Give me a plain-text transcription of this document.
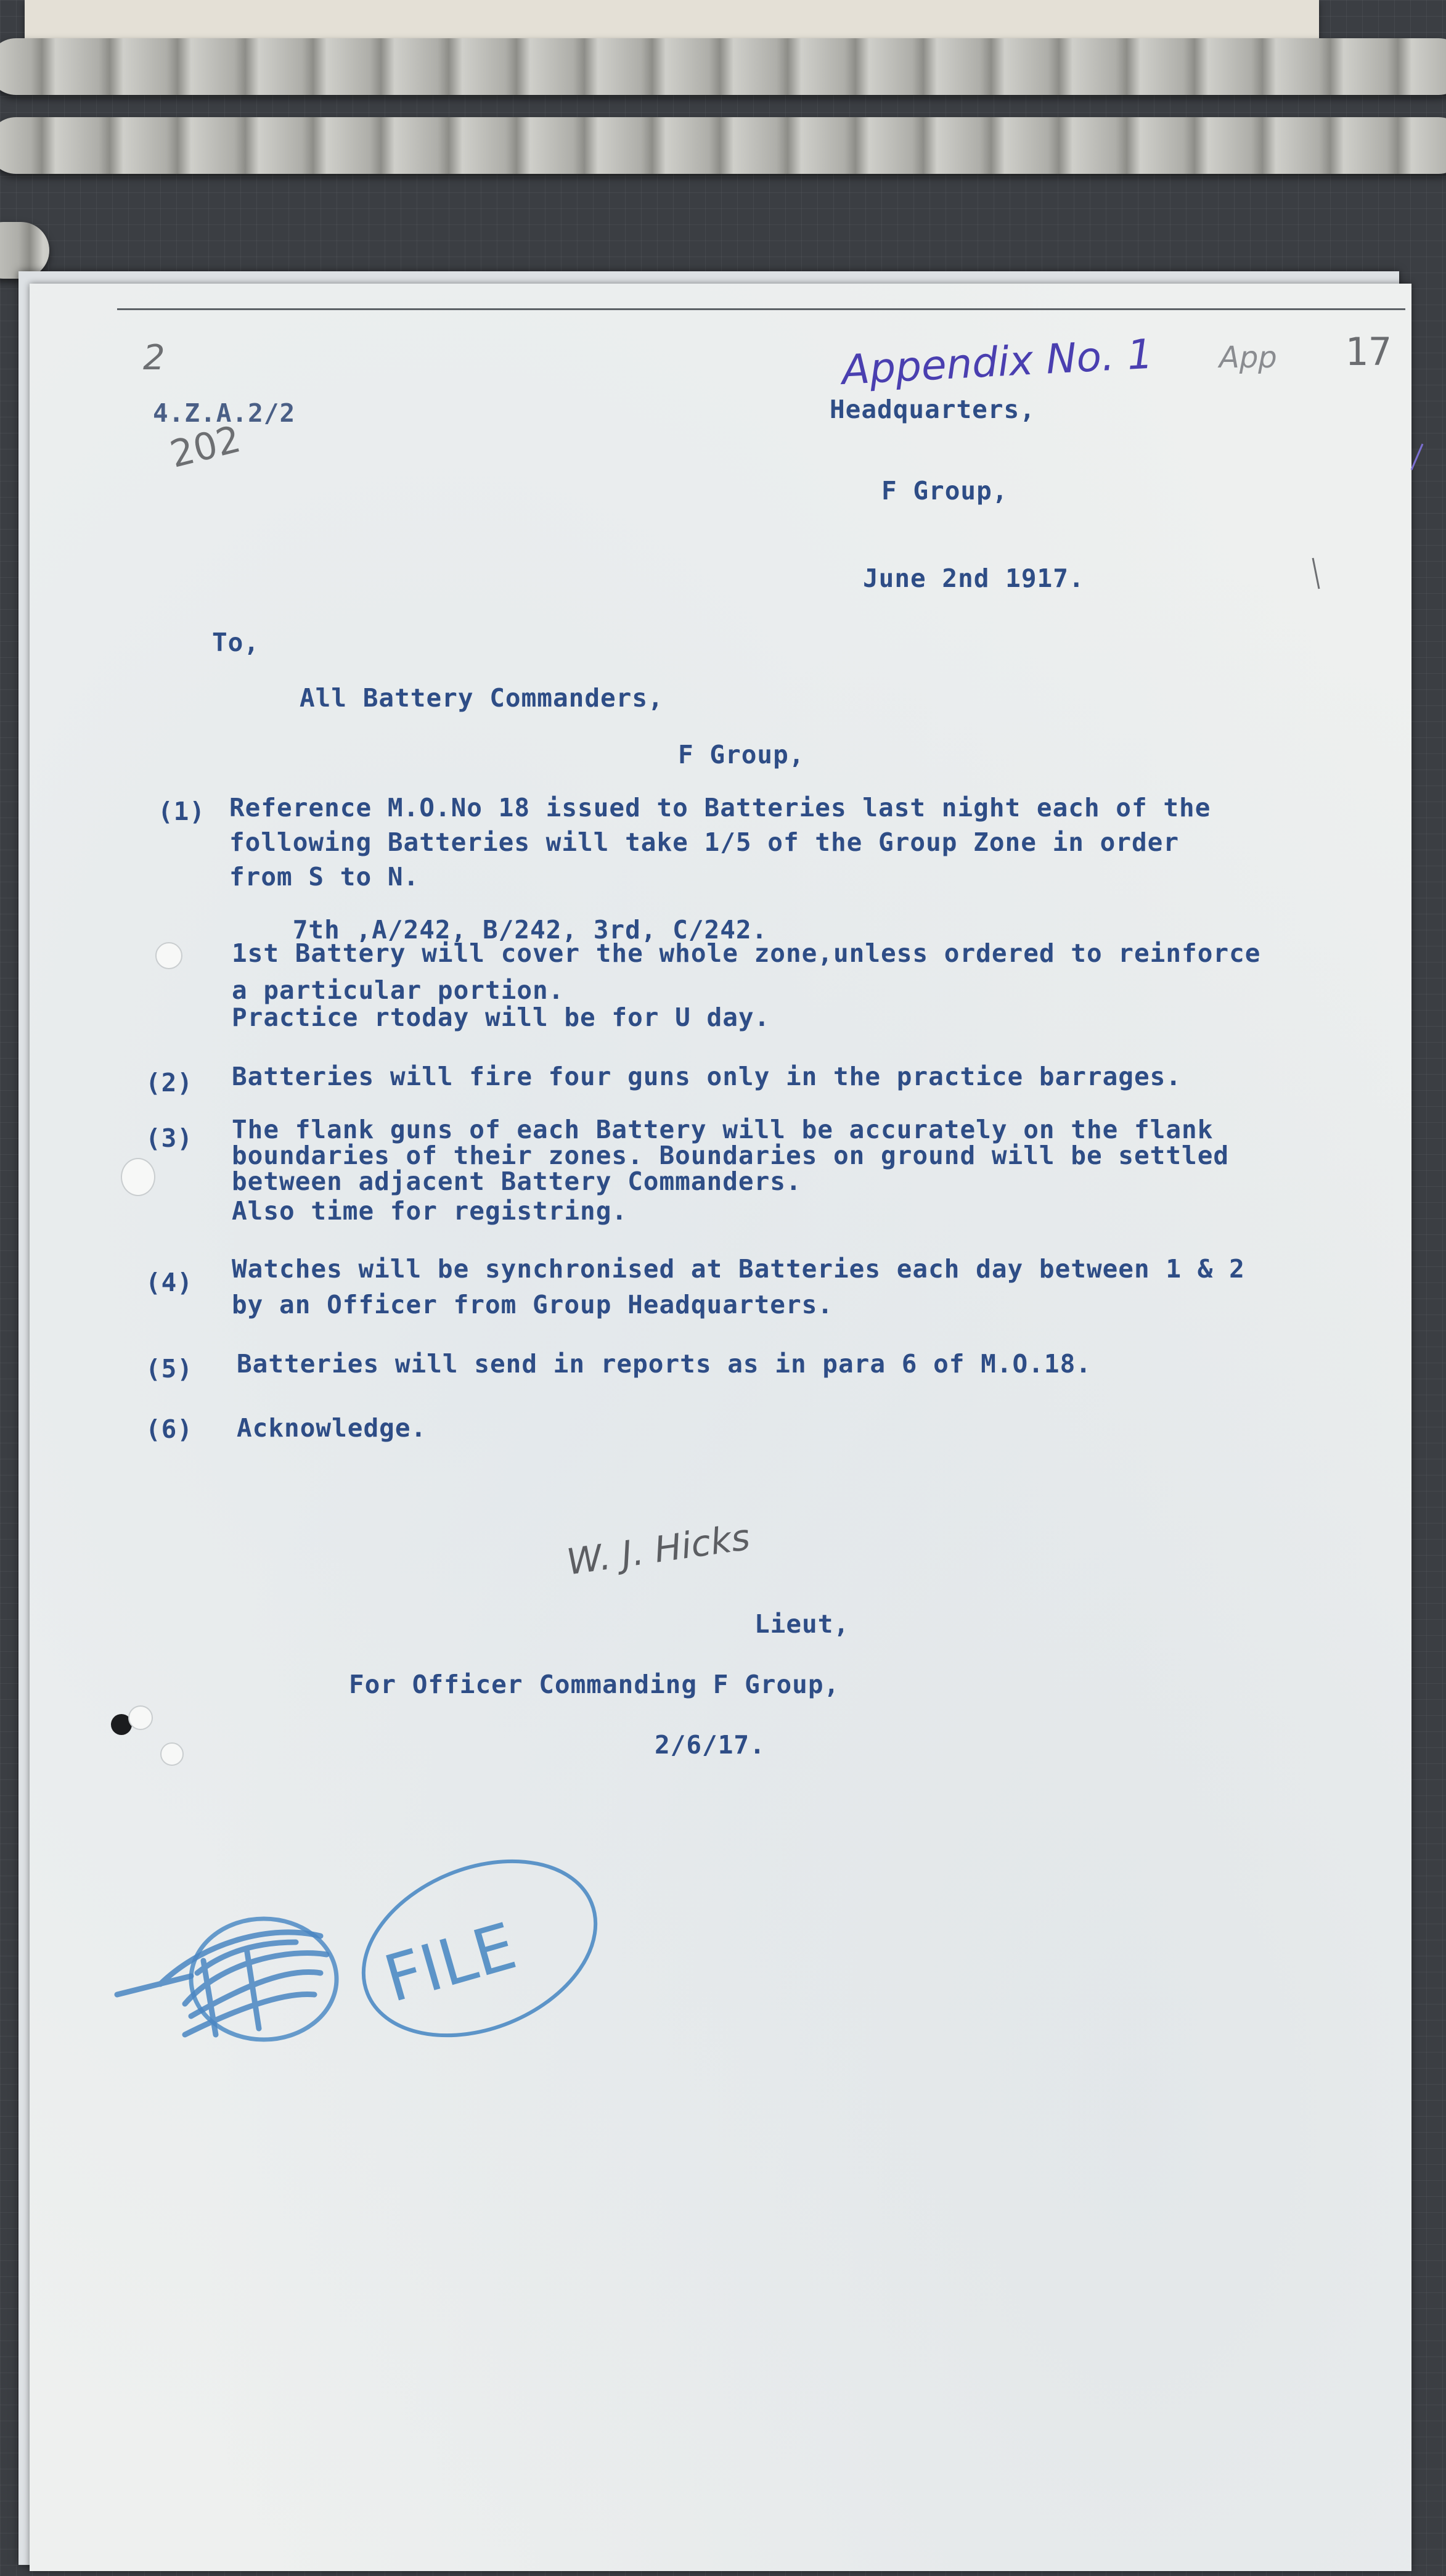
2
4.Z.A.2/2
202
Appendix No. 1 App 17
Headquarters,
F Group,
June 2nd 1917.
To,
All Battery Commanders,
F Group,
(1) Reference M.O.No 18 issued to Batteries last night each of the
following Batteries will take 1/5 of the Group Zone in order
from S to N.
7th ,A/242, B/242, 3rd, C/242.
1st Battery will cover the whole zone,unless ordered to reinforce
a particular portion.
Practice rtoday will be for U day.
(2) Batteries will fire four guns only in the practice barrages.
(3) The flank guns of each Battery will be accurately on the flank
boundaries of their zones. Boundaries on ground will be settled
between adjacent Battery Commanders.
Also time for registring.
(4) Watches will be synchronised at Batteries each day between 1 & 2
by an Officer from Group Headquarters.
(5) Batteries will send in reports as in para 6 of M.O.18.
(6) Acknowledge.
W. J. Hicks
Lieut,
For Officer Commanding F Group,
2/6/17.
FILE
